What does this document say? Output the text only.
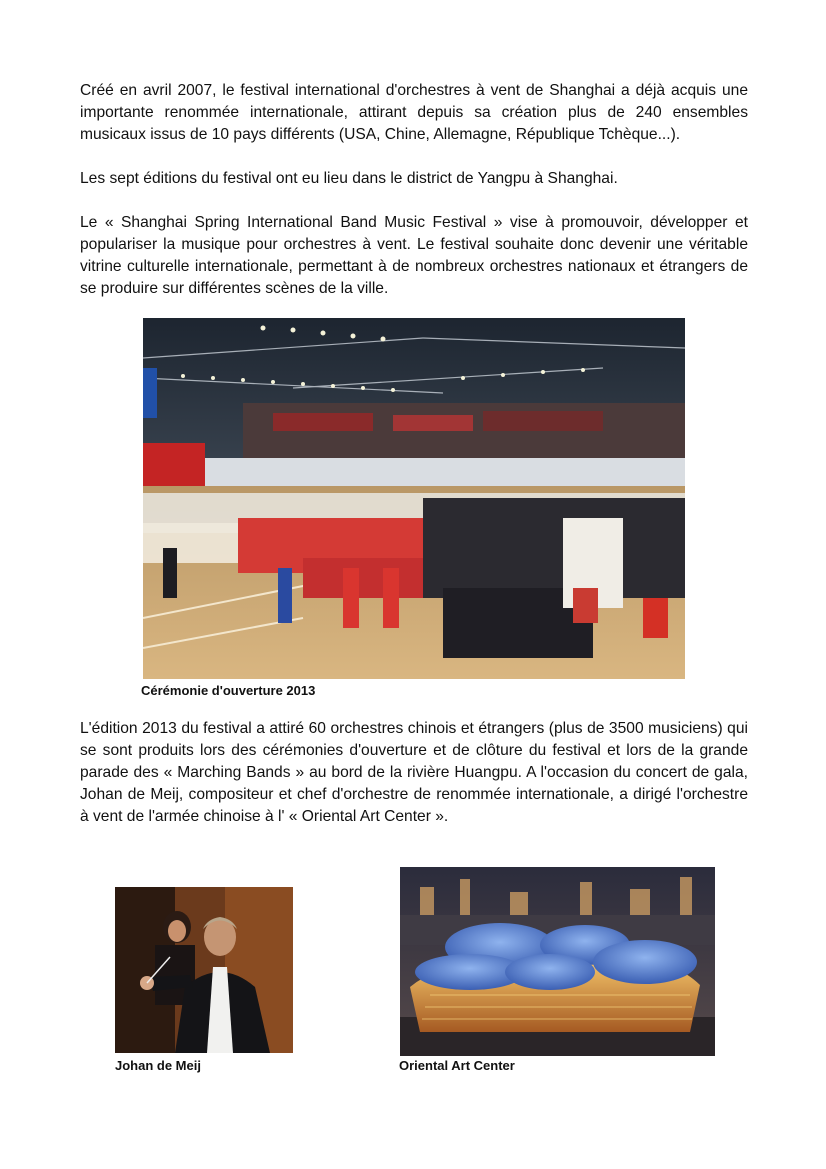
Créé en avril 2007, le festival international d'orchestres à vent de Shanghai a déjà acquis une importante renommée internationale, attirant depuis sa création plus de 240 ensembles musicaux issus de 10 pays différents (USA, Chine, Allemagne, République Tchèque...).
Les sept éditions du festival ont eu lieu dans le district de Yangpu à Shanghai.
Le « Shanghai Spring International Band Music Festival » vise à promouvoir, développer et populariser la musique pour orchestres à vent. Le festival souhaite donc devenir une véritable vitrine culturelle internationale, permettant à de nombreux orchestres nationaux et étrangers de se produire sur différentes scènes de la ville.

Cérémonie d'ouverture 2013

L'édition 2013 du festival a attiré 60 orchestres chinois et étrangers (plus de 3500 musiciens) qui se sont produits lors des cérémonies d'ouverture et de clôture du festival et lors de la grande parade des « Marching Bands » au bord de la rivière Huangpu. A l'occasion du concert de gala, Johan de Meij, compositeur et chef d'orchestre de renommée internationale, a dirigé l'orchestre à vent de l'armée chinoise à l' « Oriental Art Center ».

Johan de Meij	Oriental Art Center
